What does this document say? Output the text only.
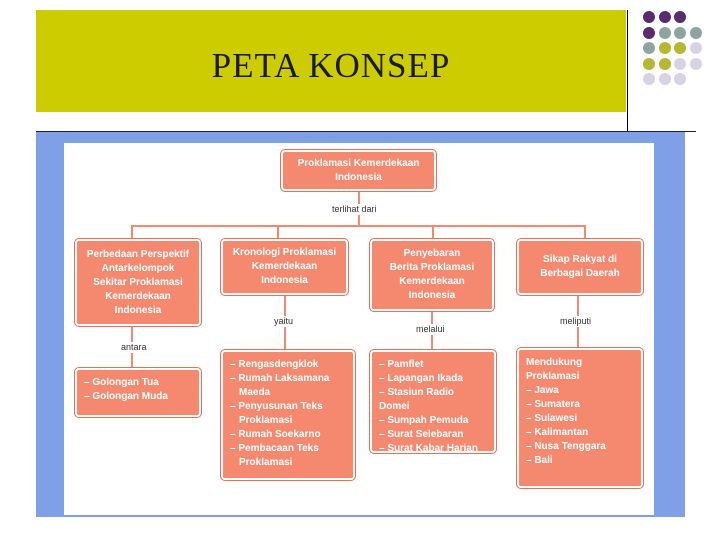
PETA KONSEP
terlihat dari
antara
yaitu
melalui
meliputi
Proklamasi Kemerdekaan
Indonesia
Perbedaan Perspektif
Antarkelompok
Sekitar Proklamasi
Kemerdekaan
Indonesia
Kronologi Proklamasi
Kemerdekaan
Indonesia
Penyebaran
Berita Proklamasi
Kemerdekaan
Indonesia
Sikap Rakyat di
Berbagai Daerah
– Golongan Tua
– Golongan Muda
– Rengasdengklok
– Rumah Laksamana
Maeda
– Penyusunan Teks
Proklamasi
– Rumah Soekarno
– Pembacaan Teks
Proklamasi
– Pamflet
– Lapangan Ikada
– Stasiun Radio Domei
– Sumpah Pemuda
– Surat Selebaran
– Surat Kabar Harian
Mendukung
Proklamasi
– Jawa
– Sumatera
– Sulawesi
– Kalimantan
– Nusa Tenggara
– Bali
